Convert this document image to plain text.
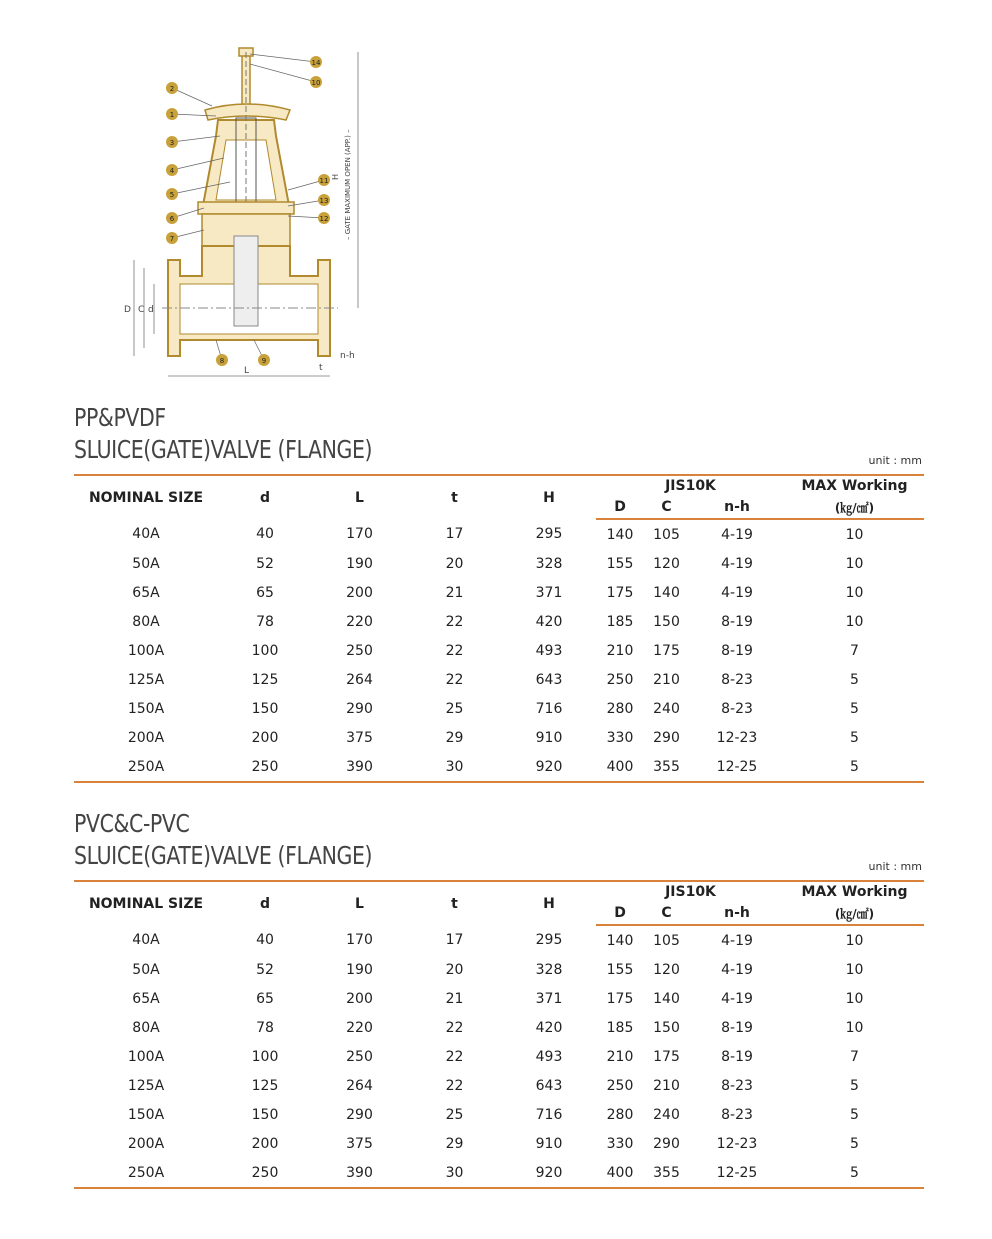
D C d
L	t
n-h
H – GATE MAXIMUM OPEN (APP.) –
14
10
2
1
3
4
5
6
7
11
13
12
8	9
PP&PVDF
SLUICE(GATE)VALVE (FLANGE)	unit : mm
NOMINAL SIZE	d	L	t	H	JIS10K			MAX Working
					D	C	n-h	(㎏/㎠)
40A	40	170	17	295	140	105	4-19	10
50A	52	190	20	328	155	120	4-19	10
65A	65	200	21	371	175	140	4-19	10
80A	78	220	22	420	185	150	8-19	10
100A	100	250	22	493	210	175	8-19	7
125A	125	264	22	643	250	210	8-23	5
150A	150	290	25	716	280	240	8-23	5
200A	200	375	29	910	330	290	12-23	5
250A	250	390	30	920	400	355	12-25	5
PVC&C-PVC
SLUICE(GATE)VALVE (FLANGE)	unit : mm
NOMINAL SIZE	d	L	t	H	JIS10K			MAX Working
					D	C	n-h	(㎏/㎠)
40A	40	170	17	295	140	105	4-19	10
50A	52	190	20	328	155	120	4-19	10
65A	65	200	21	371	175	140	4-19	10
80A	78	220	22	420	185	150	8-19	10
100A	100	250	22	493	210	175	8-19	7
125A	125	264	22	643	250	210	8-23	5
150A	150	290	25	716	280	240	8-23	5
200A	200	375	29	910	330	290	12-23	5
250A	250	390	30	920	400	355	12-25	5
